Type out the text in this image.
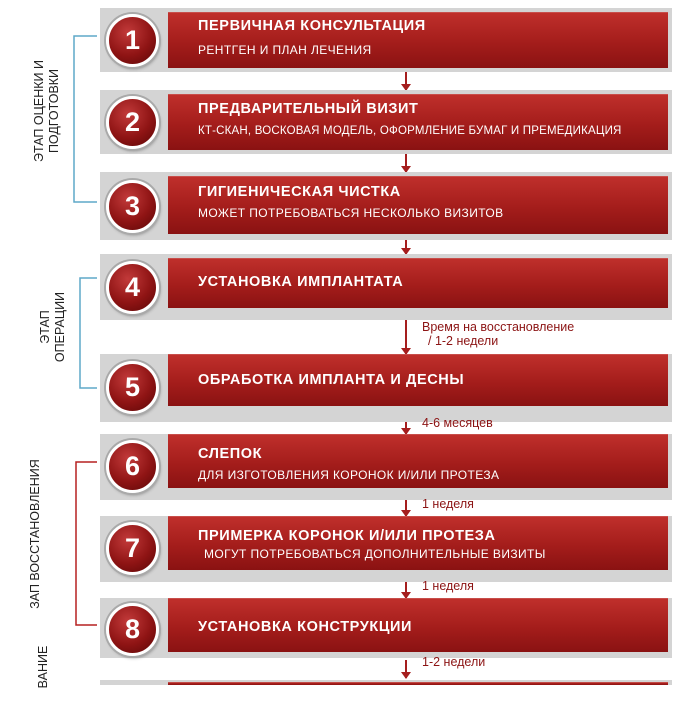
ЭТАП ОЦЕНКИ И
ПОДГОТОВКИ
ЭТАП
ОПЕРАЦИИ
ЗАП ВОССТАНОВЛЕНИЯ
ВАНИЕ
1	ПЕРВИЧНАЯ КОНСУЛЬТАЦИЯ
РЕНТГЕН И ПЛАН ЛЕЧЕНИЯ
2	ПРЕДВАРИТЕЛЬНЫЙ ВИЗИТ
КТ-СКАН, ВОСКОВАЯ МОДЕЛЬ, ОФОРМЛЕНИЕ БУМАГ И ПРЕМЕДИКАЦИЯ
3	ГИГИЕНИЧЕСКАЯ ЧИСТКА
МОЖЕТ ПОТРЕБОВАТЬСЯ НЕСКОЛЬКО ВИЗИТОВ
4	УСТАНОВКА ИМПЛАНТАТА
Время на восстановление
/ 1-2 недели
5	ОБРАБОТКА ИМПЛАНТА И ДЕСНЫ
4-6 месяцев
6	СЛЕПОК
ДЛЯ ИЗГОТОВЛЕНИЯ КОРОНОК И/ИЛИ ПРОТЕЗА
1 неделя
7	ПРИМЕРКА КОРОНОК И/ИЛИ ПРОТЕЗА
МОГУТ ПОТРЕБОВАТЬСЯ ДОПОЛНИТЕЛЬНЫЕ ВИЗИТЫ
1 неделя
8	УСТАНОВКА КОНСТРУКЦИИ
1-2 недели
